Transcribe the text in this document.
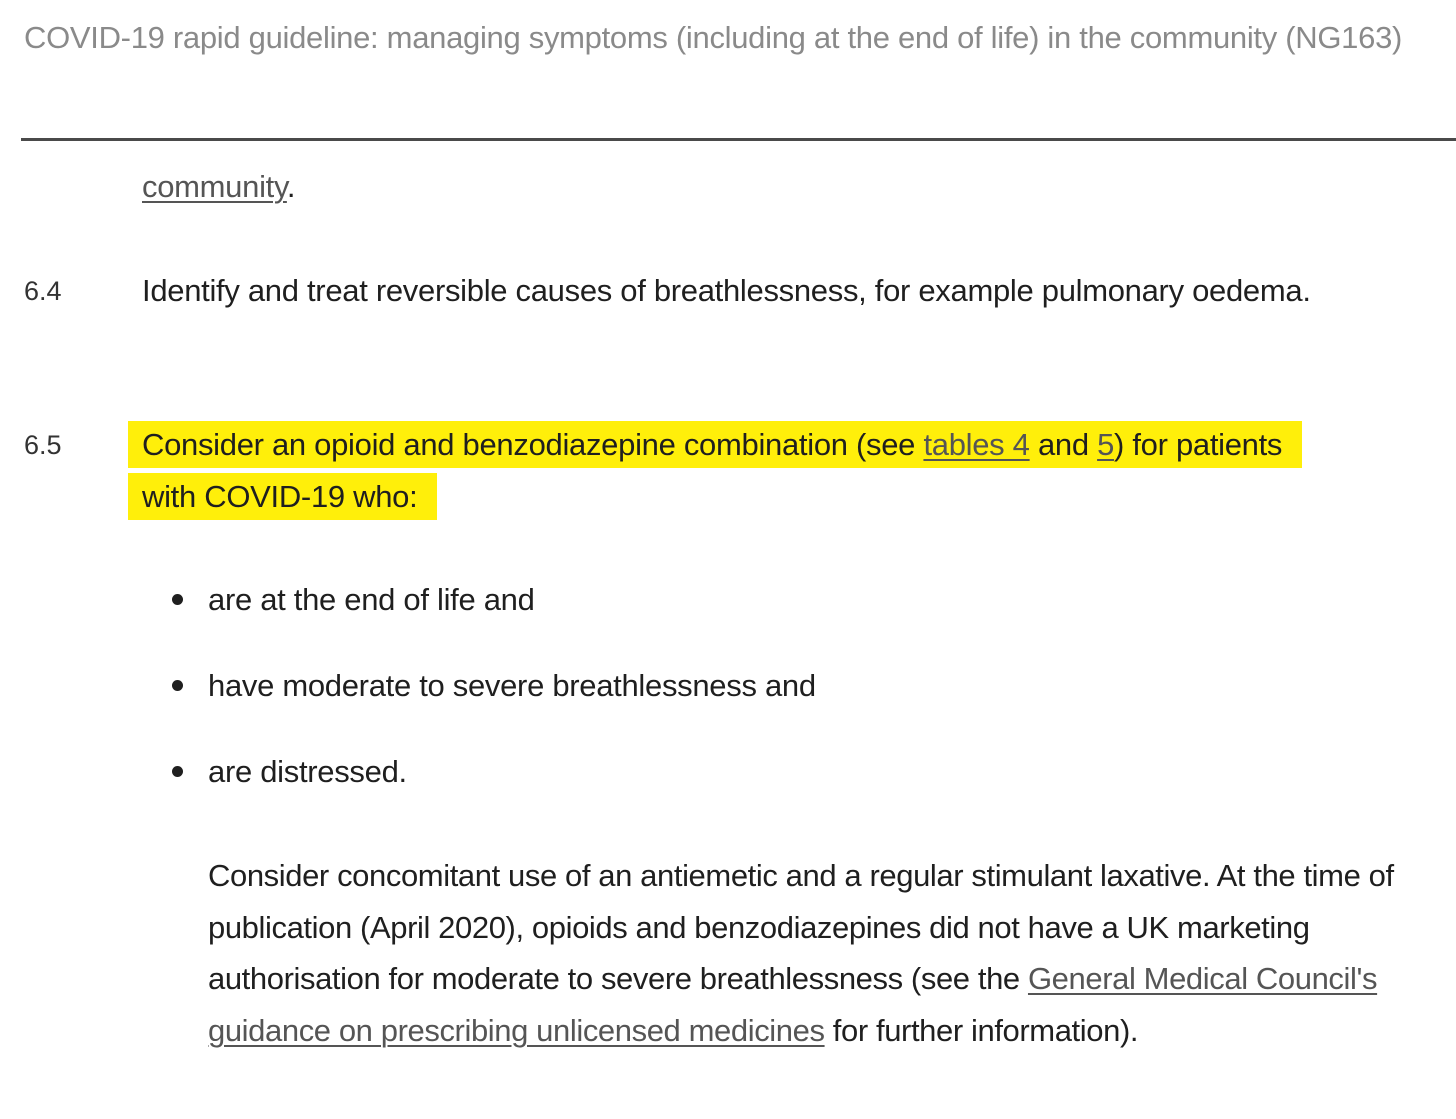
COVID-19 rapid guideline: managing symptoms (including at the end of life) in the community (NG163)
community.
6.4	Identify and treat reversible causes of breathlessness, for example pulmonary oedema.
6.5	Consider an opioid and benzodiazepine combination (see tables 4 and 5) for patients with COVID-19 who:
are at the end of life and
have moderate to severe breathlessness and
are distressed.
Consider concomitant use of an antiemetic and a regular stimulant laxative. At the time of publication (April 2020), opioids and benzodiazepines did not have a UK marketing authorisation for moderate to severe breathlessness (see the General Medical Council's guidance on prescribing unlicensed medicines for further information).
